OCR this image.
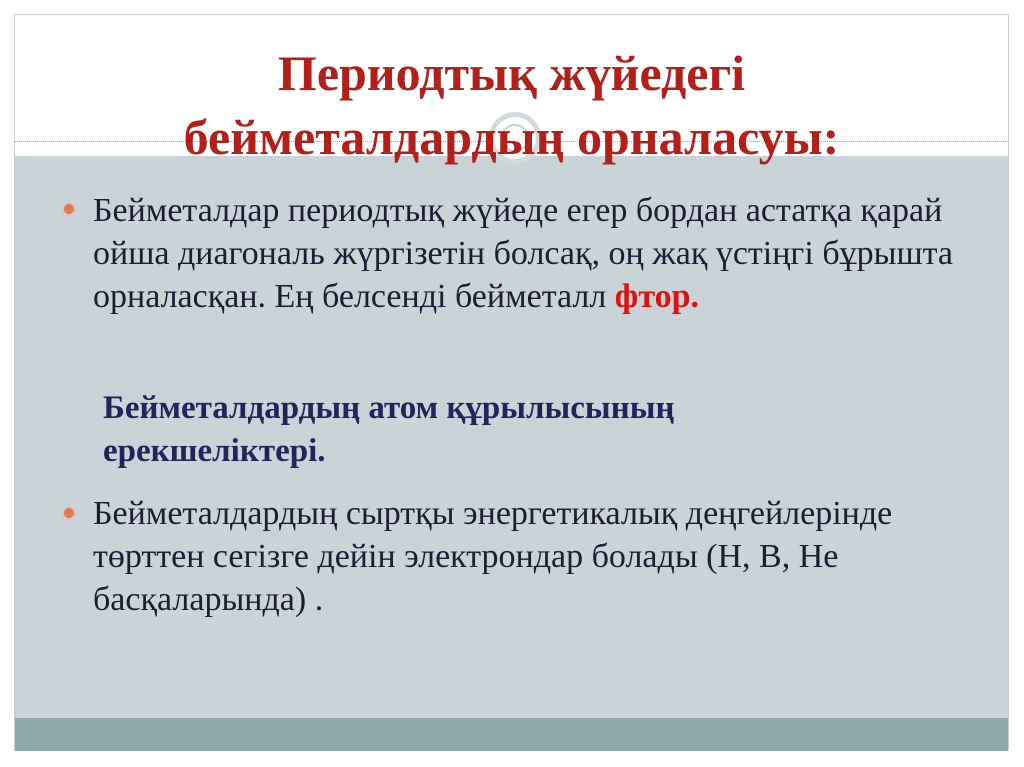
Периодтық жүйедегі
бейметалдардың орналасуы:

Бейметалдар периодтық жүйеде егер бордан астатқа қарай ойша диагональ жүргізетін болсақ, оң жақ үстіңгі бұрышта орналасқан. Ең белсенді бейметалл фтор.

Бейметалдардың атом құрылысының
ерекшеліктері.

Бейметалдардың сыртқы энергетикалық деңгейлерінде төрттен сегізге дейін электрондар болады (H, B, He басқаларында) .
